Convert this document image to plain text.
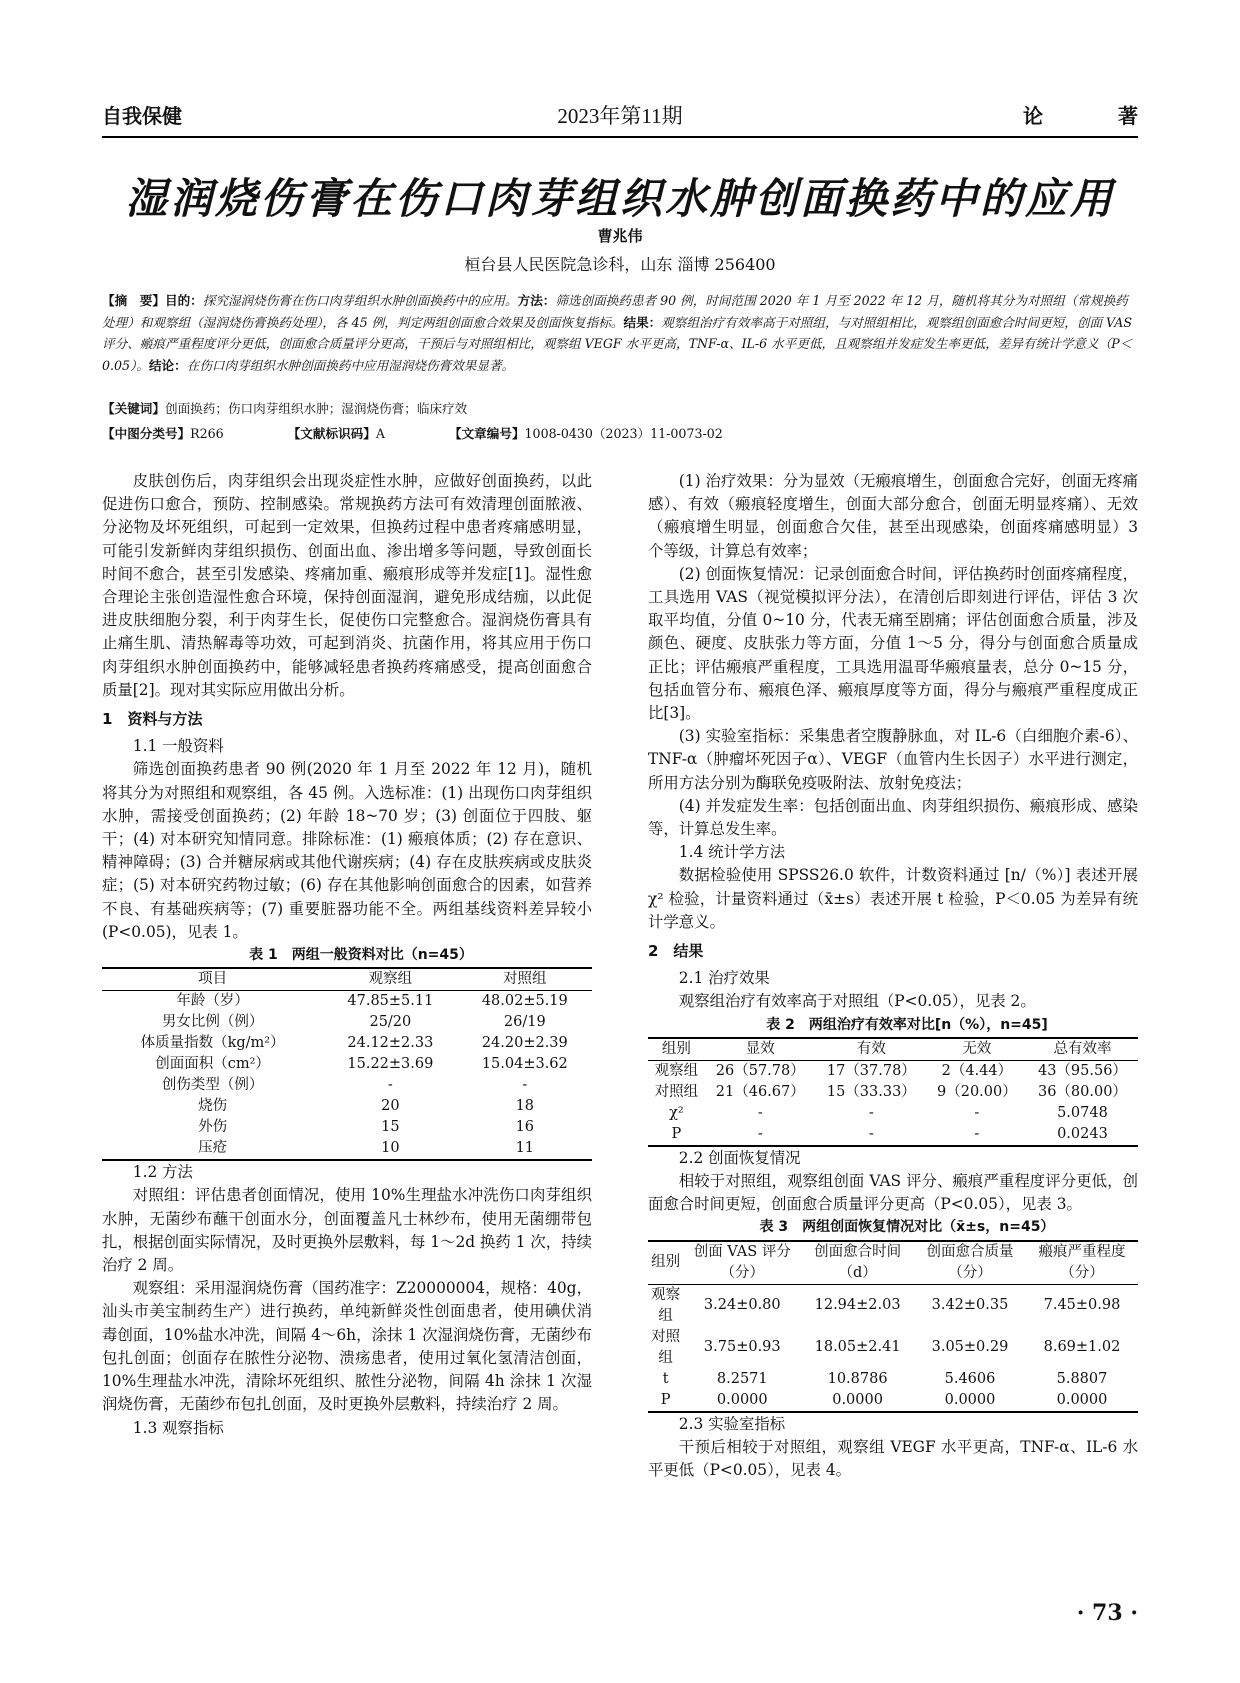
自我保健	2023年第11期	论 著
湿润烧伤膏在伤口肉芽组织水肿创面换药中的应用
曹兆伟
桓台县人民医院急诊科，山东 淄博 256400
【摘　要】目的：探究湿润烧伤膏在伤口肉芽组织水肿创面换药中的应用。方法：筛选创面换药患者 90 例，时间范围 2020 年 1 月至 2022 年 12 月，随机将其分为对照组（常规换药处理）和观察组（湿润烧伤膏换药处理），各 45 例，判定两组创面愈合效果及创面恢复指标。结果：观察组治疗有效率高于对照组，与对照组相比，观察组创面愈合时间更短，创面 VAS 评分、瘢痕严重程度评分更低，创面愈合质量评分更高，干预后与对照组相比，观察组 VEGF 水平更高，TNF-α、IL-6 水平更低，且观察组并发症发生率更低，差异有统计学意义（P＜0.05）。结论：在伤口肉芽组织水肿创面换药中应用湿润烧伤膏效果显著。
【关键词】创面换药；伤口肉芽组织水肿；湿润烧伤膏；临床疗效
【中图分类号】R266	【文献标识码】A	【文章编号】1008-0430（2023）11-0073-02

皮肤创伤后，肉芽组织会出现炎症性水肿，应做好创面换药，以此促进伤口愈合，预防、控制感染。常规换药方法可有效清理创面脓液、分泌物及坏死组织，可起到一定效果，但换药过程中患者疼痛感明显，可能引发新鲜肉芽组织损伤、创面出血、渗出增多等问题，导致创面长时间不愈合，甚至引发感染、疼痛加重、瘢痕形成等并发症[1]。湿性愈合理论主张创造湿性愈合环境，保持创面湿润，避免形成结痂，以此促进皮肤细胞分裂，利于肉芽生长，促使伤口完整愈合。湿润烧伤膏具有止痛生肌、清热解毒等功效，可起到消炎、抗菌作用，将其应用于伤口肉芽组织水肿创面换药中，能够减轻患者换药疼痛感受，提高创面愈合质量[2]。现对其实际应用做出分析。

1　资料与方法

1.1 一般资料

筛选创面换药患者 90 例(2020 年 1 月至 2022 年 12 月)，随机将其分为对照组和观察组，各 45 例。入选标准：(1) 出现伤口肉芽组织水肿，需接受创面换药；(2) 年龄 18~70 岁；(3) 创面位于四肢、躯干；(4) 对本研究知情同意。排除标准：(1) 瘢痕体质；(2) 存在意识、精神障碍；(3) 合并糖尿病或其他代谢疾病；(4) 存在皮肤疾病或皮肤炎症；(5) 对本研究药物过敏；(6) 存在其他影响创面愈合的因素，如营养不良、有基础疾病等；(7) 重要脏器功能不全。两组基线资料差异较小 (P<0.05)，见表 1。

表 1　两组一般资料对比（n=45）

项目	观察组	对照组
年龄（岁）	47.85±5.11	48.02±5.19
男女比例（例）	25/20	26/19
体质量指数（kg/m²）	24.12±2.33	24.20±2.39
创面面积（cm²）	15.22±3.69	15.04±3.62
创伤类型（例）	-	-
烧伤	20	18
外伤	15	16
压疮	10	11

1.2 方法

对照组：评估患者创面情况，使用 10%生理盐水冲洗伤口肉芽组织水肿，无菌纱布蘸干创面水分，创面覆盖凡士林纱布，使用无菌绷带包扎，根据创面实际情况，及时更换外层敷料，每 1～2d 换药 1 次，持续治疗 2 周。

观察组：采用湿润烧伤膏（国药准字：Z20000004，规格：40g，汕头市美宝制药生产）进行换药，单纯新鲜炎性创面患者，使用碘伏消毒创面，10%盐水冲洗，间隔 4～6h，涂抹 1 次湿润烧伤膏，无菌纱布包扎创面；创面存在脓性分泌物、溃疡患者，使用过氧化氢清洁创面，10%生理盐水冲洗，清除坏死组织、脓性分泌物，间隔 4h 涂抹 1 次湿润烧伤膏，无菌纱布包扎创面，及时更换外层敷料，持续治疗 2 周。

1.3 观察指标

(1) 治疗效果：分为显效（无瘢痕增生，创面愈合完好，创面无疼痛感）、有效（瘢痕轻度增生，创面大部分愈合，创面无明显疼痛）、无效（瘢痕增生明显，创面愈合欠佳，甚至出现感染，创面疼痛感明显）3 个等级，计算总有效率；

(2) 创面恢复情况：记录创面愈合时间，评估换药时创面疼痛程度，工具选用 VAS（视觉模拟评分法），在清创后即刻进行评估，评估 3 次取平均值，分值 0~10 分，代表无痛至剧痛；评估创面愈合质量，涉及颜色、硬度、皮肤张力等方面，分值 1～5 分，得分与创面愈合质量成正比；评估瘢痕严重程度，工具选用温哥华瘢痕量表，总分 0~15 分，包括血管分布、瘢痕色泽、瘢痕厚度等方面，得分与瘢痕严重程度成正比[3]。

(3) 实验室指标：采集患者空腹静脉血，对 IL-6（白细胞介素-6）、TNF-α（肿瘤坏死因子α）、VEGF（血管内生长因子）水平进行测定，所用方法分别为酶联免疫吸附法、放射免疫法；

(4) 并发症发生率：包括创面出血、肉芽组织损伤、瘢痕形成、感染等，计算总发生率。

1.4 统计学方法

数据检验使用 SPSS26.0 软件，计数资料通过 [n/（%）] 表述开展 χ² 检验，计量资料通过（x̄±s）表述开展 t 检验，P＜0.05 为差异有统计学意义。

2　结果

2.1 治疗效果

观察组治疗有效率高于对照组（P<0.05），见表 2。

表 2　两组治疗有效率对比[n（%），n=45]

组别	显效	有效	无效	总有效率
观察组	26（57.78）	17（37.78）	2（4.44）	43（95.56）
对照组	21（46.67）	15（33.33）	9（20.00）	36（80.00）
χ²	-	-	-	5.0748
P	-	-	-	0.0243

2.2 创面恢复情况

相较于对照组，观察组创面 VAS 评分、瘢痕严重程度评分更低，创面愈合时间更短，创面愈合质量评分更高（P<0.05），见表 3。

表 3　两组创面恢复情况对比（x̄±s，n=45）

组别	创面 VAS 评分（分）	创面愈合时间（d）	创面愈合质量（分）	瘢痕严重程度（分）
观察组	3.24±0.80	12.94±2.03	3.42±0.35	7.45±0.98
对照组	3.75±0.93	18.05±2.41	3.05±0.29	8.69±1.02
t	8.2571	10.8786	5.4606	5.8807
P	0.0000	0.0000	0.0000	0.0000

2.3 实验室指标

干预后相较于对照组，观察组 VEGF 水平更高，TNF-α、IL-6 水平更低（P<0.05），见表 4。

· 73 ·
